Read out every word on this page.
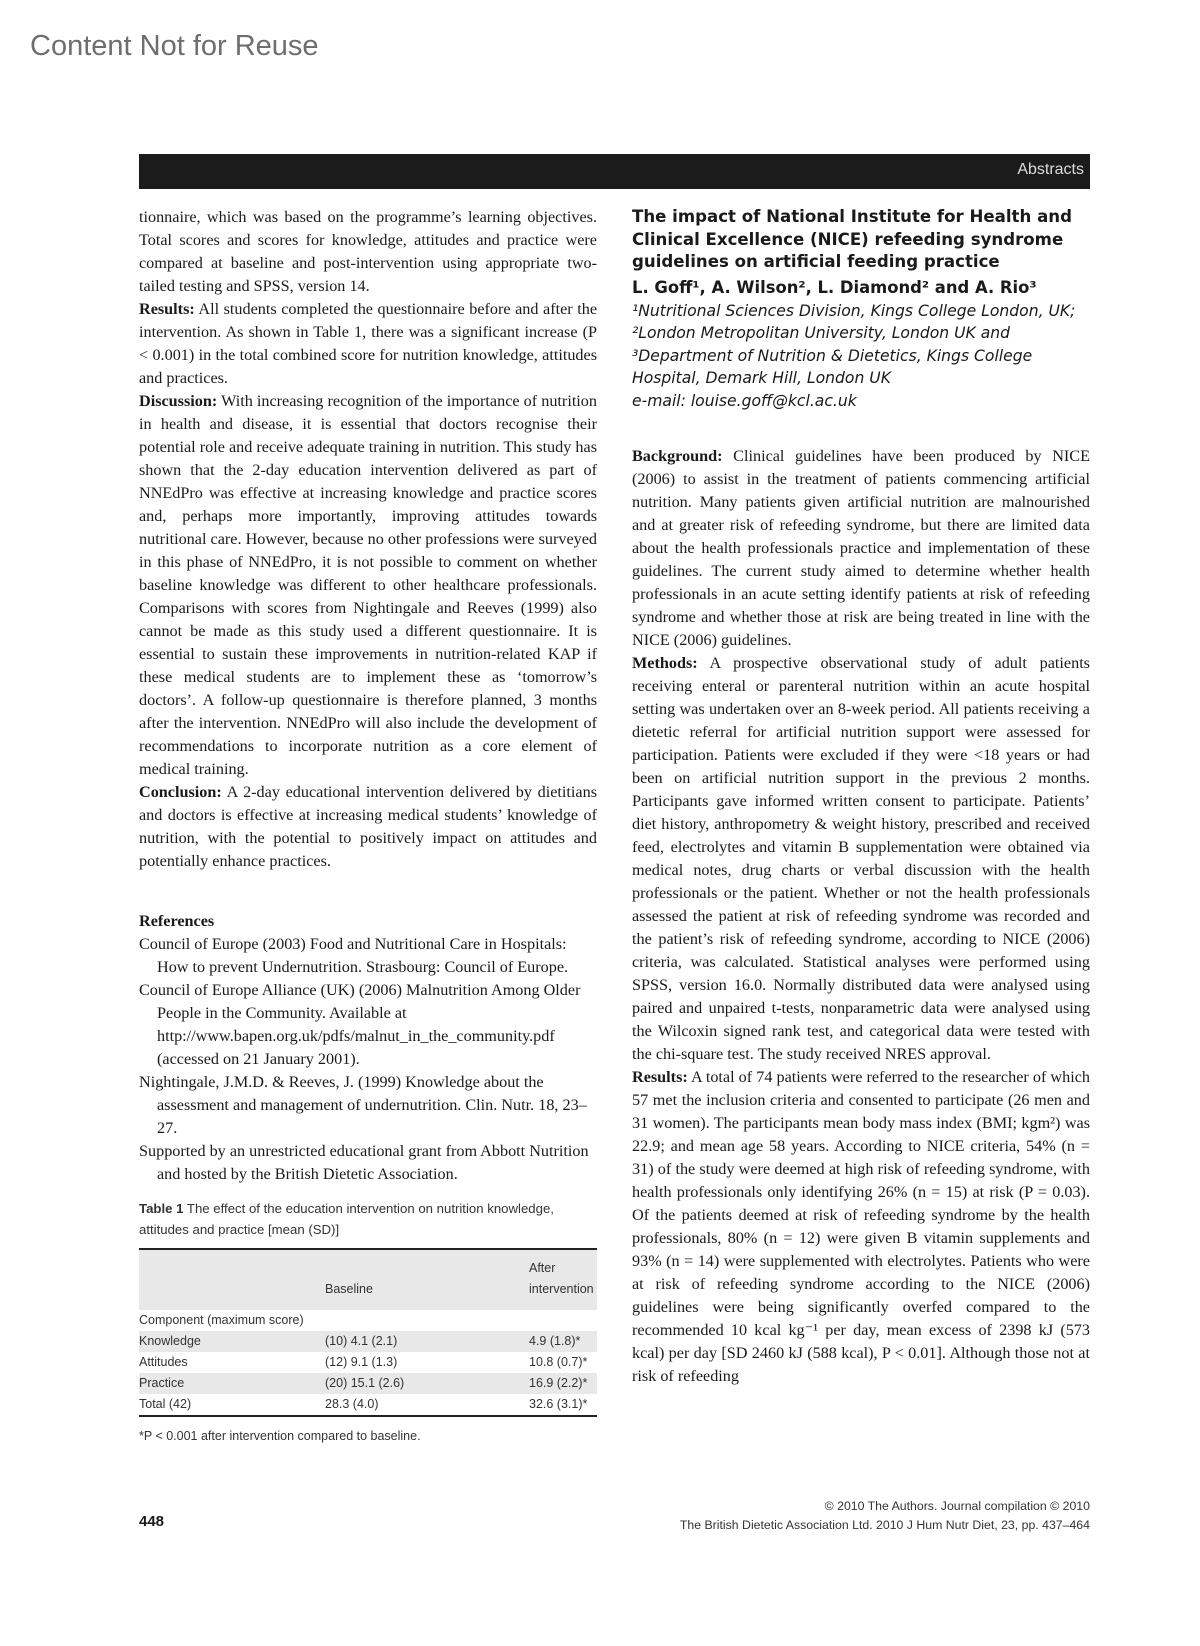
Content Not for Reuse
Abstracts

tionnaire, which was based on the programme’s learning objectives. Total scores and scores for knowledge, attitudes and practice were compared at baseline and post-intervention using appropriate two-tailed testing and SPSS, version 14.

Results: All students completed the questionnaire before and after the intervention. As shown in Table 1, there was a significant increase (P < 0.001) in the total combined score for nutrition knowledge, attitudes and practices.

Discussion: With increasing recognition of the importance of nutrition in health and disease, it is essential that doctors recognise their potential role and receive adequate training in nutrition. This study has shown that the 2-day education intervention delivered as part of NNEdPro was effective at increasing knowledge and practice scores and, perhaps more importantly, improving attitudes towards nutritional care. However, because no other professions were surveyed in this phase of NNEdPro, it is not possible to comment on whether baseline knowledge was different to other healthcare professionals. Comparisons with scores from Nightingale and Reeves (1999) also cannot be made as this study used a different questionnaire. It is essential to sustain these improvements in nutrition-related KAP if these medical students are to implement these as ‘tomorrow’s doctors’. A follow-up questionnaire is therefore planned, 3 months after the intervention. NNEdPro will also include the development of recommendations to incorporate nutrition as a core element of medical training.

Conclusion: A 2-day educational intervention delivered by dietitians and doctors is effective at increasing medical students’ knowledge of nutrition, with the potential to positively impact on attitudes and potentially enhance practices.

References

Council of Europe (2003) Food and Nutritional Care in Hospitals: How to prevent Undernutrition. Strasbourg: Council of Europe.

Council of Europe Alliance (UK) (2006) Malnutrition Among Older People in the Community. Available at http://www.bapen.org.uk/pdfs/malnut_in_the_community.pdf (accessed on 21 January 2001).

Nightingale, J.M.D. & Reeves, J. (1999) Knowledge about the assessment and management of undernutrition. Clin. Nutr. 18, 23–27.

Supported by an unrestricted educational grant from Abbott Nutrition and hosted by the British Dietetic Association.

Table 1 The effect of the education intervention on nutrition knowledge, attitudes and practice [mean (SD)]

	Baseline	After intervention
Component (maximum score)		
Knowledge	(10) 4.1 (2.1)	4.9 (1.8)*
Attitudes	(12) 9.1 (1.3)	10.8 (0.7)*
Practice	(20) 15.1 (2.6)	16.9 (2.2)*
Total (42)	28.3 (4.0)	32.6 (3.1)*

*P < 0.001 after intervention compared to baseline.

The impact of National Institute for Health and Clinical Excellence (NICE) refeeding syndrome guidelines on artificial feeding practice

L. Goff¹, A. Wilson², L. Diamond² and A. Rio³

¹Nutritional Sciences Division, Kings College London, UK; ²London Metropolitan University, London UK and ³Department of Nutrition & Dietetics, Kings College Hospital, Demark Hill, London UK

e-mail: louise.goff@kcl.ac.uk

Background: Clinical guidelines have been produced by NICE (2006) to assist in the treatment of patients commencing artificial nutrition. Many patients given artificial nutrition are malnourished and at greater risk of refeeding syndrome, but there are limited data about the health professionals practice and implementation of these guidelines. The current study aimed to determine whether health professionals in an acute setting identify patients at risk of refeeding syndrome and whether those at risk are being treated in line with the NICE (2006) guidelines.

Methods: A prospective observational study of adult patients receiving enteral or parenteral nutrition within an acute hospital setting was undertaken over an 8-week period. All patients receiving a dietetic referral for artificial nutrition support were assessed for participation. Patients were excluded if they were <18 years or had been on artificial nutrition support in the previous 2 months. Participants gave informed written consent to participate. Patients’ diet history, anthropometry & weight history, prescribed and received feed, electrolytes and vitamin B supplementation were obtained via medical notes, drug charts or verbal discussion with the health professionals or the patient. Whether or not the health professionals assessed the patient at risk of refeeding syndrome was recorded and the patient’s risk of refeeding syndrome, according to NICE (2006) criteria, was calculated. Statistical analyses were performed using SPSS, version 16.0. Normally distributed data were analysed using paired and unpaired t-tests, nonparametric data were analysed using the Wilcoxin signed rank test, and categorical data were tested with the chi-square test. The study received NRES approval.

Results: A total of 74 patients were referred to the researcher of which 57 met the inclusion criteria and consented to participate (26 men and 31 women). The participants mean body mass index (BMI; kgm²) was 22.9; and mean age 58 years. According to NICE criteria, 54% (n = 31) of the study were deemed at high risk of refeeding syndrome, with health professionals only identifying 26% (n = 15) at risk (P = 0.03). Of the patients deemed at risk of refeeding syndrome by the health professionals, 80% (n = 12) were given B vitamin supplements and 93% (n = 14) were supplemented with electrolytes. Patients who were at risk of refeeding syndrome according to the NICE (2006) guidelines were being significantly overfed compared to the recommended 10 kcal kg⁻¹ per day, mean excess of 2398 kJ (573 kcal) per day [SD 2460 kJ (588 kcal), P < 0.01]. Although those not at risk of refeeding

448
© 2010 The Authors. Journal compilation © 2010
The British Dietetic Association Ltd. 2010 J Hum Nutr Diet, 23, pp. 437–464
